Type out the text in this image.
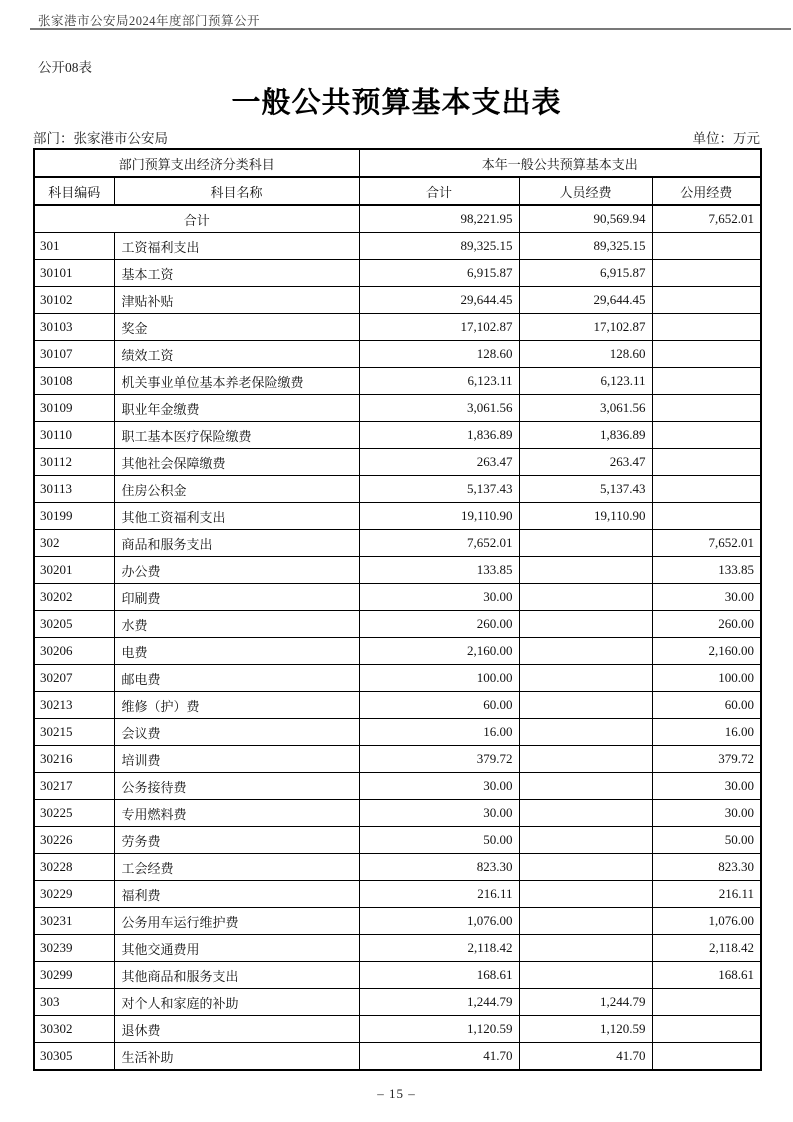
张家港市公安局2024年度部门预算公开
公开08表
一般公共预算基本支出表
部门：张家港市公安局	单位：万元
部门预算支出经济分类科目		本年一般公共预算基本支出		
科目编码	科目名称	合计	人员经费	公用经费
合计		98,221.95	90,569.94	7,652.01
301	工资福利支出	89,325.15	89,325.15	
30101	基本工资	6,915.87	6,915.87	
30102	津贴补贴	29,644.45	29,644.45	
30103	奖金	17,102.87	17,102.87	
30107	绩效工资	128.60	128.60	
30108	机关事业单位基本养老保险缴费	6,123.11	6,123.11	
30109	职业年金缴费	3,061.56	3,061.56	
30110	职工基本医疗保险缴费	1,836.89	1,836.89	
30112	其他社会保障缴费	263.47	263.47	
30113	住房公积金	5,137.43	5,137.43	
30199	其他工资福利支出	19,110.90	19,110.90	
302	商品和服务支出	7,652.01		7,652.01
30201	办公费	133.85		133.85
30202	印刷费	30.00		30.00
30205	水费	260.00		260.00
30206	电费	2,160.00		2,160.00
30207	邮电费	100.00		100.00
30213	维修（护）费	60.00		60.00
30215	会议费	16.00		16.00
30216	培训费	379.72		379.72
30217	公务接待费	30.00		30.00
30225	专用燃料费	30.00		30.00
30226	劳务费	50.00		50.00
30228	工会经费	823.30		823.30
30229	福利费	216.11		216.11
30231	公务用车运行维护费	1,076.00		1,076.00
30239	其他交通费用	2,118.42		2,118.42
30299	其他商品和服务支出	168.61		168.61
303	对个人和家庭的补助	1,244.79	1,244.79	
30302	退休费	1,120.59	1,120.59	
30305	生活补助	41.70	41.70	
– 15 –
